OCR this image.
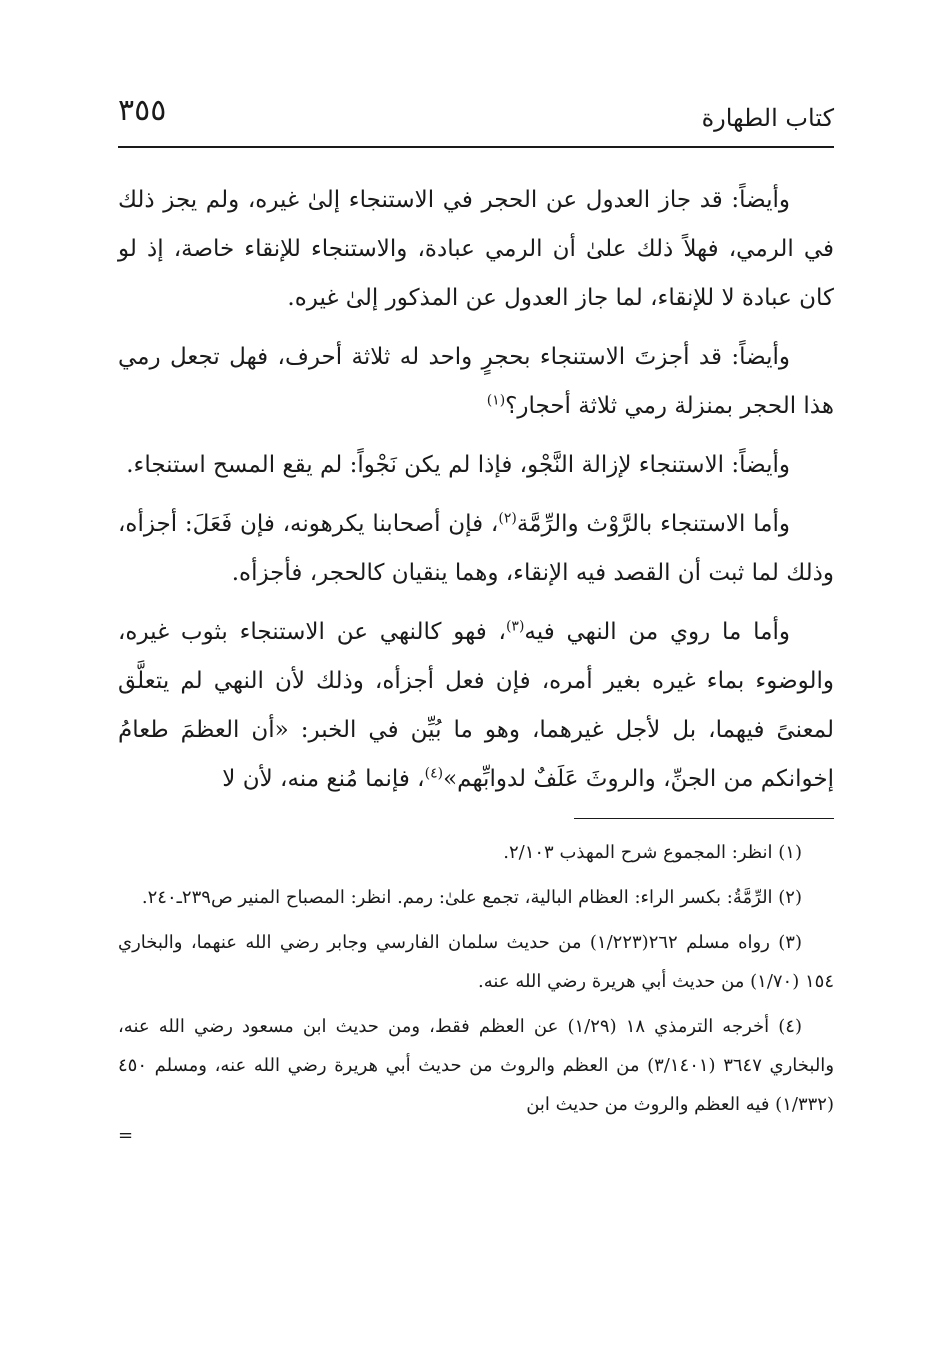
كتاب الطهارة
٣٥٥

وأيضاً: قد جاز العدول عن الحجر في الاستنجاء إلىٰ غيره، ولم يجز ذلك في الرمي، فهلاً ذلك علىٰ أن الرمي عبادة، والاستنجاء للإنقاء خاصة، إذ لو كان عبادة لا للإنقاء، لما جاز العدول عن المذكور إلىٰ غيره.

وأيضاً: قد أجزتَ الاستنجاء بحجرٍ واحد له ثلاثة أحرف، فهل تجعل رمي هذا الحجر بمنزلة رمي ثلاثة أحجار؟$^{(١)}$

وأيضاً: الاستنجاء لإزالة النَّجْو، فإذا لم يكن نَجْواً: لم يقع المسح استنجاء.

وأما الاستنجاء بالرَّوْث والرِّمَّة$^{(٢)}$، فإن أصحابنا يكرهونه، فإن فَعَلَ: أجزأه، وذلك لما ثبت أن القصد فيه الإنقاء، وهما ينقيان كالحجر، فأجزأه.

وأما ما روي من النهي فيه$^{(٣)}$، فهو كالنهي عن الاستنجاء بثوب غيره، والوضوء بماء غيره بغير أمره، فإن فعل أجزأه، وذلك لأن النهي لم يتعلَّق لمعنىً فيهما، بل لأجل غيرهما، وهو ما بُيِّن في الخبر: «أن العظمَ طعامُ إخوانكم من الجنِّ، والروثَ عَلَفٌ لدوابِّهم»$^{(٤)}$، فإنما مُنع منه، لأن لا

(١) انظر: المجموع شرح المهذب ٢/١٠٣.

(٢) الرِّمَّةُ: بكسر الراء: العظام البالية، تجمع علىٰ: رمم. انظر: المصباح المنير ص٢٣٩ـ٢٤٠.

(٣) رواه مسلم ٢٦٢(١/٢٢٣) من حديث سلمان الفارسي وجابر رضي الله عنهما، والبخاري ١٥٤ (١/٧٠) من حديث أبي هريرة رضي الله عنه.

(٤) أخرجه الترمذي ١٨ (١/٢٩) عن العظم فقط، ومن حديث ابن مسعود رضي الله عنه، والبخاري ٣٦٤٧ (٣/١٤٠١) من العظم والروث من حديث أبي هريرة رضي الله عنه، ومسلم ٤٥٠ (١/٣٣٢) فيه العظم والروث من حديث ابن

=
